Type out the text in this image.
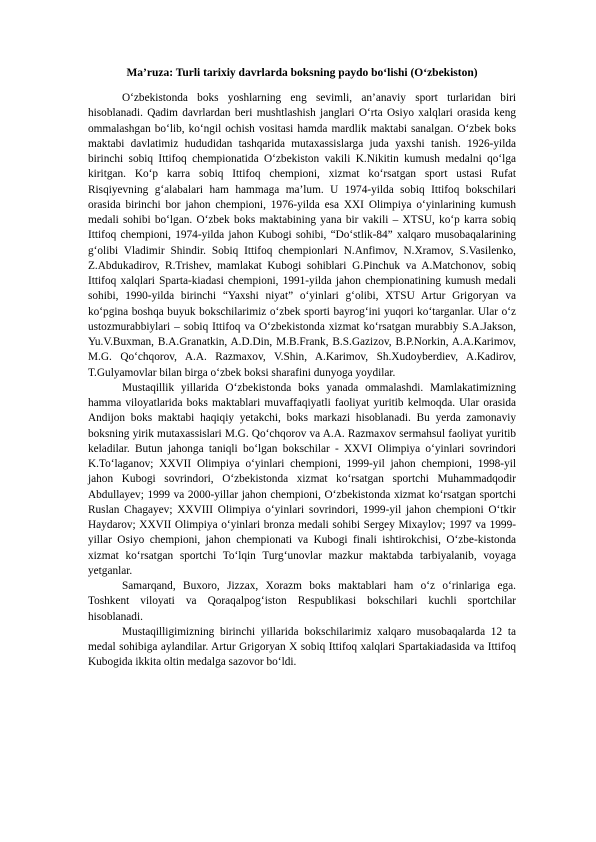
Ma’ruza: Turli tarixiy davrlarda boksning paydo bo‘lishi (O‘zbekiston)

O‘zbekistonda boks yoshlarning eng sevimli, an’anaviy sport turlaridan biri hisoblanadi. Qadim davrlardan beri mushtlashish janglari O‘rta Osiyo xalqlari orasida keng ommalashgan bo‘lib, ko‘ngil ochish vositasi hamda mardlik maktabi sanalgan. O‘zbek boks maktabi davlatimiz hududidan tashqarida mutaxassislarga juda yaxshi tanish. 1926-yilda birinchi sobiq Ittifoq chempionatida O‘zbekiston vakili K.Nikitin kumush medalni qo‘lga kiritgan. Ko‘p karra sobiq Ittifoq chempioni, xizmat ko‘rsatgan sport ustasi Rufat Risqiyevning g‘alabalari ham hammaga ma’lum. U 1974-yilda sobiq Ittifoq bokschilari orasida birinchi bor jahon chempioni, 1976-yilda esa XXI Olimpiya o‘yinlarining kumush medali sohibi bo‘lgan. O‘zbek boks maktabining yana bir vakili – XTSU, ko‘p karra sobiq Ittifoq chempioni, 1974-yilda jahon Kubogi sohibi, “Do‘stlik-84” xalqaro musobaqalarining g‘olibi Vladimir Shindir. Sobiq Ittifoq chempionlari N.Anfimov, N.Xramov, S.Vasilenko, Z.Abdukadirov, R.Trishev, mamlakat Kubogi sohiblari G.Pinchuk va A.Matchonov, sobiq Ittifoq xalqlari Sparta-kiadasi chempioni, 1991-yilda jahon chempionatining kumush medali sohibi, 1990-yilda birinchi “Yaxshi niyat” o‘yinlari g‘olibi, XTSU Artur Grigoryan va ko‘pgina boshqa buyuk bokschilarimiz o‘zbek sporti bayrog‘ini yuqori ko‘targanlar. Ular o‘z ustozmurabbiylari – sobiq Ittifoq va O‘zbekistonda xizmat ko‘rsatgan murabbiy S.A.Jakson, Yu.V.Buxman, B.A.Granatkin, A.D.Din, M.B.Frank, B.S.Gazizov, B.P.Norkin, A.A.Karimov, M.G. Qo‘chqorov, A.A. Razmaxov, V.Shin, A.Karimov, Sh.Xudoyberdiev, A.Kadirov, T.Gulyamovlar bilan birga o‘zbek boksi sharafini dunyoga yoydilar.

Mustaqillik yillarida O‘zbekistonda boks yanada ommalashdi. Mamlakatimizning hamma viloyatlarida boks maktablari muvaffaqiyatli faoliyat yuritib kelmoqda. Ular orasida Andijon boks maktabi haqiqiy yetakchi, boks markazi hisoblanadi. Bu yerda zamonaviy boksning yirik mutaxassislari M.G. Qo‘chqorov va A.A. Razmaxov sermahsul faoliyat yuritib keladilar. Butun jahonga taniqli bo‘lgan bokschilar - XXVI Olimpiya o‘yinlari sovrindori K.To‘laganov; XXVII Olimpiya o‘yinlari chempioni, 1999-yil jahon chempioni, 1998-yil jahon Kubogi sovrindori, O‘zbekistonda xizmat ko‘rsatgan sportchi Muhammadqodir Abdullayev; 1999 va 2000-yillar jahon chempioni, O‘zbekistonda xizmat ko‘rsatgan sportchi Ruslan Chagayev; XXVIII Olimpiya o‘yinlari sovrindori, 1999-yil jahon chempioni O‘tkir Haydarov; XXVII Olimpiya o‘yinlari bronza medali sohibi Sergey Mixaylov; 1997 va 1999-yillar Osiyo chempioni, jahon chempionati va Kubogi finali ishtirokchisi, O‘zbe-kistonda xizmat ko‘rsatgan sportchi To‘lqin Turg‘unovlar mazkur maktabda tarbiyalanib, voyaga yetganlar.

Samarqand, Buxoro, Jizzax, Xorazm boks maktablari ham o‘z o‘rinlariga ega. Toshkent viloyati va Qoraqalpog‘iston Respublikasi bokschilari kuchli sportchilar hisoblanadi.

Mustaqilligimizning birinchi yillarida bokschilarimiz xalqaro musobaqalarda 12 ta medal sohibiga aylandilar. Artur Grigoryan X sobiq Ittifoq xalqlari Spartakiadasida va Ittifoq Kubogida ikkita oltin medalga sazovor bo‘ldi.
